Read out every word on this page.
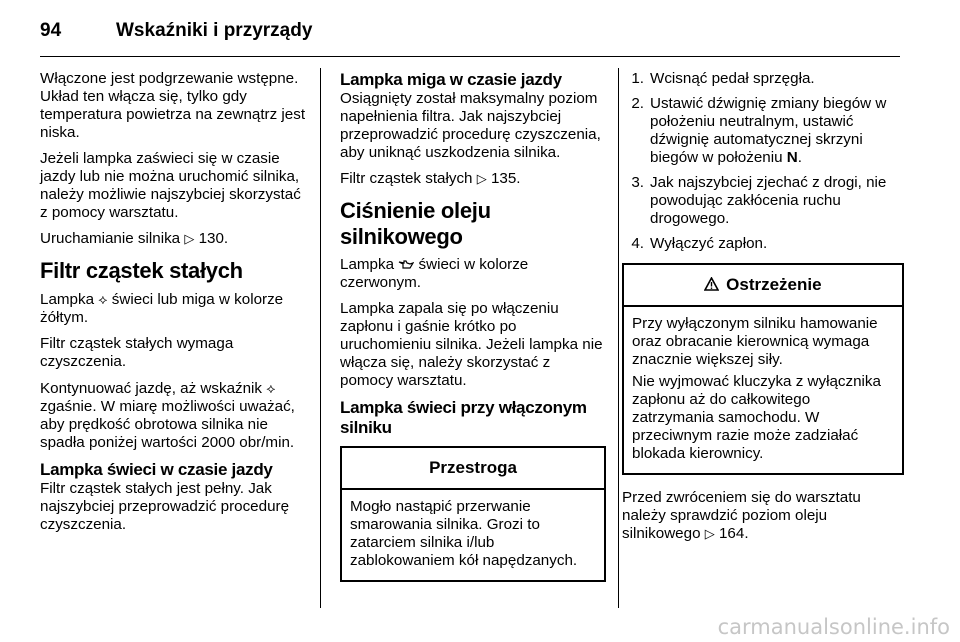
94	Wskaźniki i przyrządy

Włączone jest podgrzewanie wstępne. Układ ten włącza się, tylko gdy temperatura powietrza na zewnątrz jest niska.

Jeżeli lampka zaświeci się w czasie jazdy lub nie można uruchomić silnika, należy możliwie najszybciej skorzystać z pomocy warsztatu.

Uruchamianie silnika ▷ 130.

Filtr cząstek stałych

Lampka ⟡ świeci lub miga w kolorze żółtym.

Filtr cząstek stałych wymaga czyszczenia.

Kontynuować jazdę, aż wskaźnik ⟡ zgaśnie. W miarę możliwości uważać, aby prędkość obrotowa silnika nie spadła poniżej wartości 2000 obr/min.

Lampka świeci w czasie jazdy

Filtr cząstek stałych jest pełny. Jak najszybciej przeprowadzić procedurę czyszczenia.

Lampka miga w czasie jazdy

Osiągnięty został maksymalny poziom napełnienia filtra. Jak najszybciej przeprowadzić procedurę czyszczenia, aby uniknąć uszkodzenia silnika.

Filtr cząstek stałych ▷ 135.

Ciśnienie oleju silnikowego

Lampka świeci w kolorze czerwonym.

Lampka zapala się po włączeniu zapłonu i gaśnie krótko po uruchomieniu silnika. Jeżeli lampka nie włącza się, należy skorzystać z pomocy warsztatu.

Lampka świeci przy włączonym silniku
Przestroga

Mogło nastąpić przerwanie smarowania silnika. Grozi to zatarciem silnika i/lub zablokowaniem kół napędzanych.

1. Wcisnąć pedał sprzęgła.
2. Ustawić dźwignię zmiany biegów w położeniu neutralnym, ustawić dźwignię automatycznej skrzyni biegów w położeniu N.
3. Jak najszybciej zjechać z drogi, nie powodując zakłócenia ruchu drogowego.
4. Wyłączyć zapłon.
Ostrzeżenie

Przy wyłączonym silniku hamowanie oraz obracanie kierownicą wymaga znacznie większej siły.

Nie wyjmować kluczyka z wyłącznika zapłonu aż do całkowitego zatrzymania samochodu. W przeciwnym razie może zadziałać blokada kierownicy.

Przed zwróceniem się do warsztatu należy sprawdzić poziom oleju silnikowego ▷ 164.

carmanualsonline.info
